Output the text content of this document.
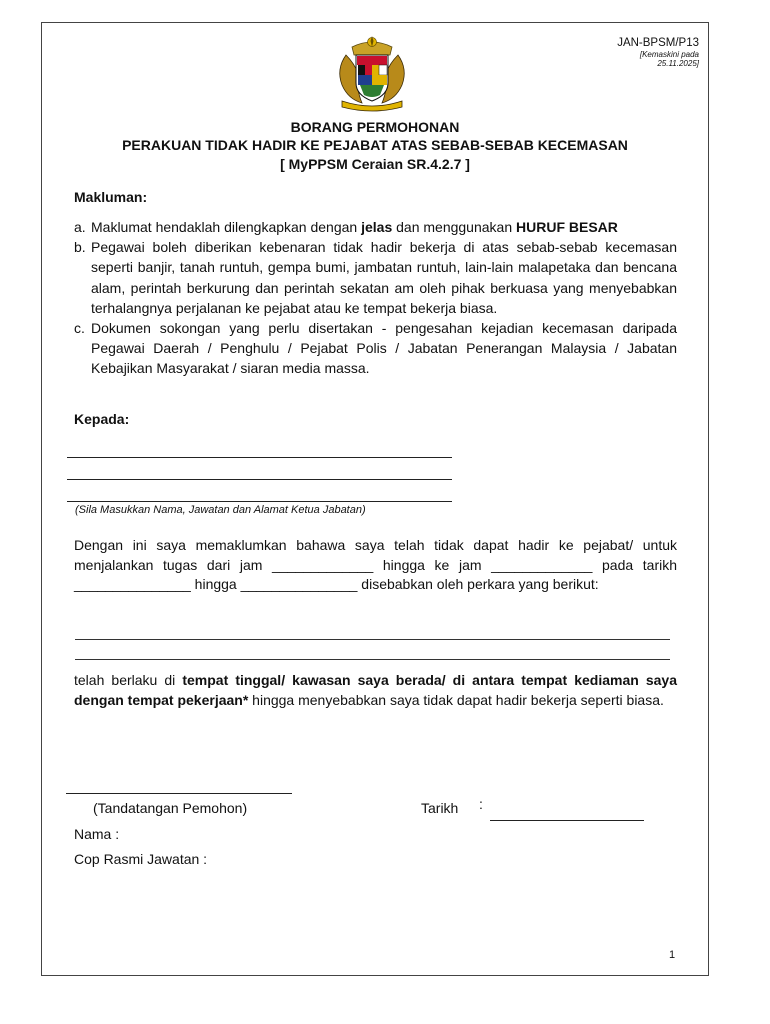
JAN-BPSM/P13
[Kemaskini pada 25.11.2025]
BORANG PERMOHONAN
PERAKUAN TIDAK HADIR KE PEJABAT ATAS SEBAB-SEBAB KECEMASAN
[ MyPPSM Ceraian SR.4.2.7 ]
Makluman:
a. Maklumat hendaklah dilengkapkan dengan jelas dan menggunakan HURUF BESAR
b. Pegawai boleh diberikan kebenaran tidak hadir bekerja di atas sebab-sebab kecemasan seperti banjir, tanah runtuh, gempa bumi, jambatan runtuh, lain-lain malapetaka dan bencana alam, perintah berkurung dan perintah sekatan am oleh pihak berkuasa yang menyebabkan terhalangnya perjalanan ke pejabat atau ke tempat bekerja biasa.
c. Dokumen sokongan yang perlu disertakan - pengesahan kejadian kecemasan daripada Pegawai Daerah / Penghulu / Pejabat Polis / Jabatan Penerangan Malaysia / Jabatan Kebajikan Masyarakat / siaran media massa.
Kepada:
(Sila Masukkan Nama, Jawatan dan Alamat Ketua Jabatan)

Dengan ini saya memaklumkan bahawa saya telah tidak dapat hadir ke pejabat/ untuk menjalankan tugas dari jam _____________ hingga ke jam _____________ pada tarikh _______________ hingga _______________ disebabkan oleh perkara yang berikut:

telah berlaku di tempat tinggal/ kawasan saya berada/ di antara tempat kediaman saya dengan tempat pekerjaan* hingga menyebabkan saya tidak dapat hadir bekerja seperti biasa.

(Tandatangan Pemohon)	Tarikh :
Nama :
Cop Rasmi Jawatan :
1
